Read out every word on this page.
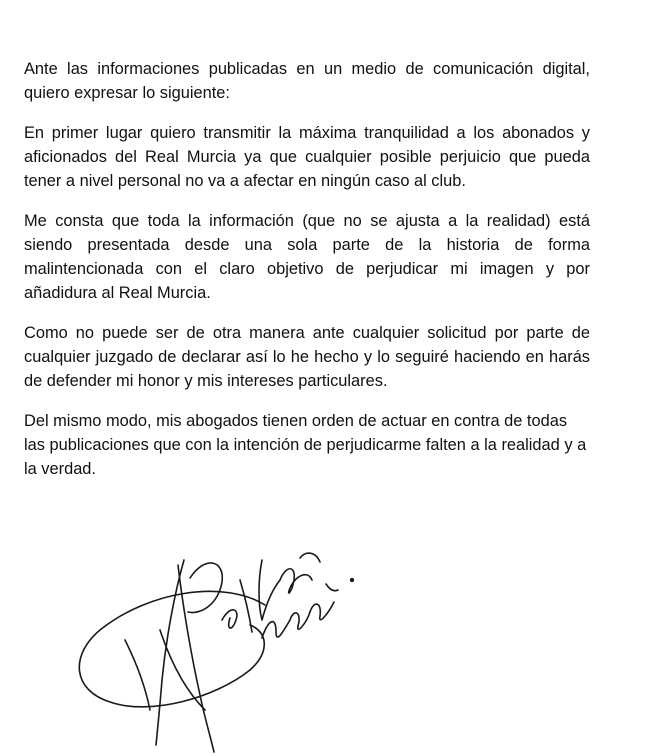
Ante las informaciones publicadas en un medio de comunicación digital, quiero expresar lo siguiente:

En primer lugar quiero transmitir la máxima tranquilidad a los abonados y aficionados del Real Murcia ya que cualquier posible perjuicio que pueda tener a nivel personal no va a afectar en ningún caso al club.

Me consta que toda la información (que no se ajusta a la realidad) está siendo presentada desde una sola parte de la historia de forma malintencionada con el claro objetivo de perjudicar mi imagen y por añadidura al Real Murcia.

Como no puede ser de otra manera ante cualquier solicitud por parte de cualquier juzgado de declarar así lo he hecho y lo seguiré haciendo en harás de defender mi honor y mis intereses particulares.

Del mismo modo, mis abogados tienen orden de actuar en contra de todas las publicaciones que con la intención de perjudicarme falten a la realidad y a la verdad.
